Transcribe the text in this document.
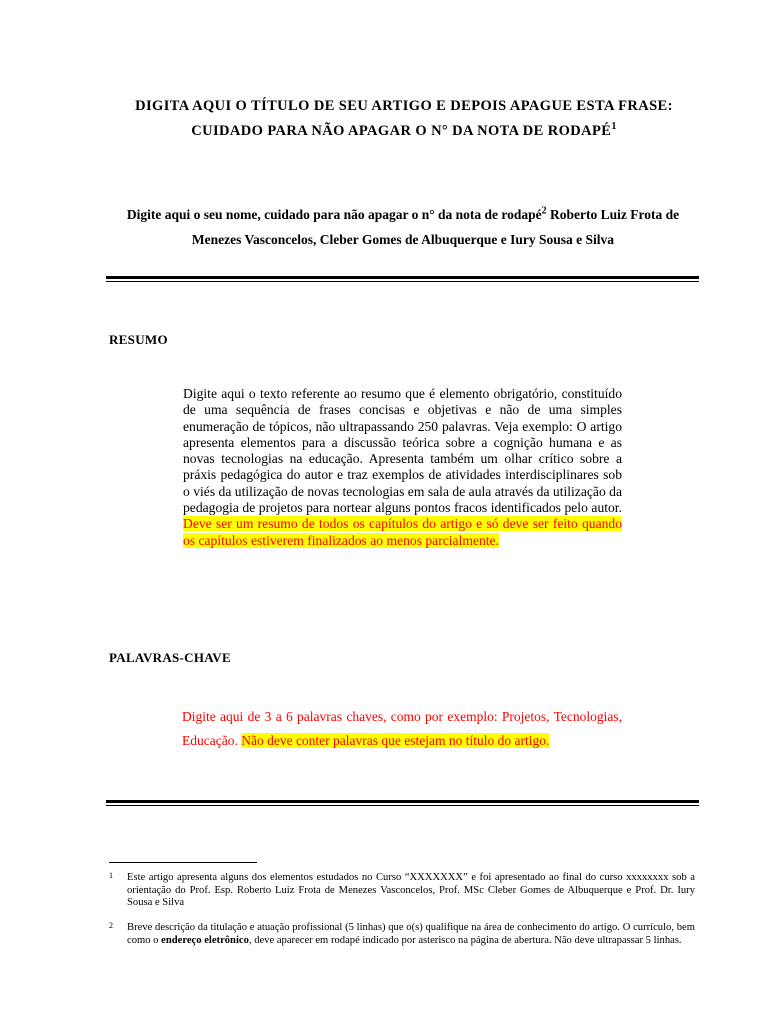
DIGITA AQUI O TÍTULO DE SEU ARTIGO E DEPOIS APAGUE ESTA FRASE:
CUIDADO PARA NÃO APAGAR O N° DA NOTA DE RODAPÉ$^1$
Digite aqui o seu nome, cuidado para não apagar o n° da nota de rodapé$^2$ Roberto Luiz Frota de Menezes Vasconcelos, Cleber Gomes de Albuquerque e Iury Sousa e Silva
RESUMO
Digite aqui o texto referente ao resumo que é elemento obrigatório, constituído de uma sequência de frases concisas e objetivas e não de uma simples enumeração de tópicos, não ultrapassando 250 palavras. Veja exemplo: O artigo apresenta elementos para a discussão teórica sobre a cognição humana e as novas tecnologias na educação. Apresenta também um olhar crítico sobre a práxis pedagógica do autor e traz exemplos de atividades interdisciplinares sob o viés da utilização de novas tecnologias em sala de aula através da utilização da pedagogia de projetos para nortear alguns pontos fracos identificados pelo autor. Deve ser um resumo de todos os capítulos do artigo e só deve ser feito quando os capítulos estiverem finalizados ao menos parcialmente.
PALAVRAS-CHAVE
Digite aqui de 3 a 6 palavras chaves, como por exemplo: Projetos, Tecnologias, Educação. Não deve conter palavras que estejam no título do artigo.
1 Este artigo apresenta alguns dos elementos estudados no Curso “XXXXXXX” e foi apresentado ao final do curso xxxxxxxx sob a orientação do Prof. Esp. Roberto Luiz Frota de Menezes Vasconcelos, Prof. MSc Cleber Gomes de Albuquerque e Prof. Dr. Iury Sousa e Silva
2 Breve descrição da titulação e atuação profissional (5 linhas) que o(s) qualifique na área de conhecimento do artigo. O currículo, bem como o endereço eletrônico, deve aparecer em rodapé indicado por asterisco na página de abertura. Não deve ultrapassar 5 linhas.
